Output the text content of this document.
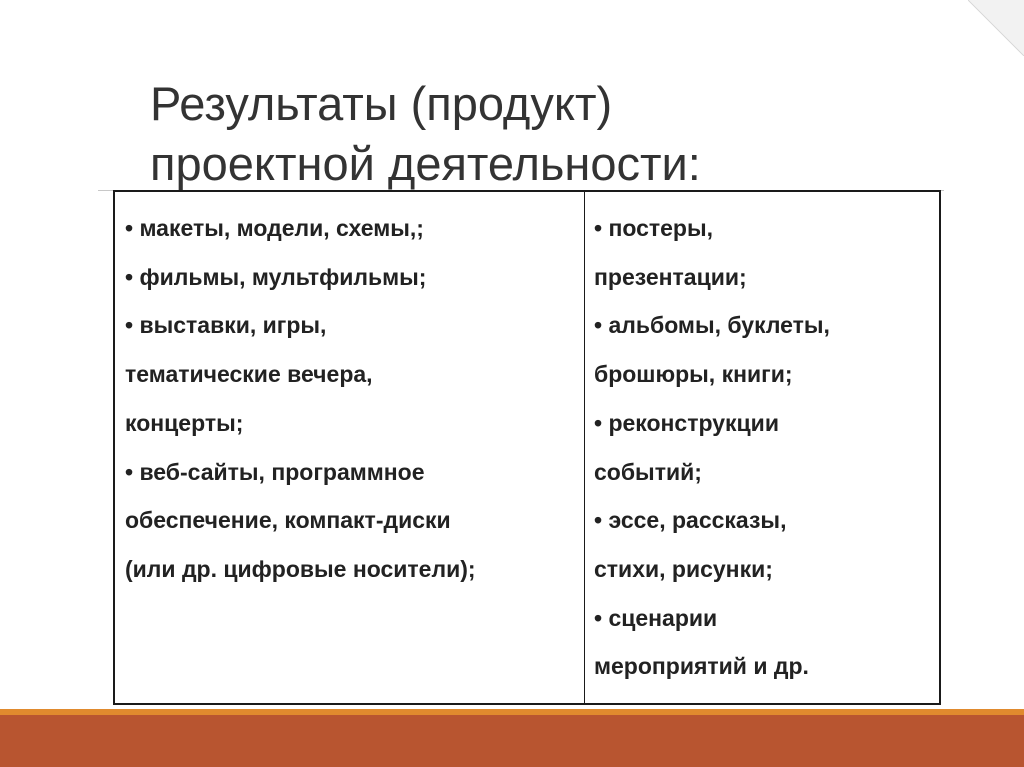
Результаты (продукт)
проектной деятельности:
• макеты, модели, схемы,;
• фильмы, мультфильмы;
• выставки, игры,
тематические вечера,
концерты;
• веб-сайты, программное
обеспечение, компакт-диски
(или др. цифровые носители);
• постеры,
презентации;
• альбомы, буклеты,
брошюры, книги;
• реконструкции
событий;
• эссе, рассказы,
стихи, рисунки;
• сценарии
мероприятий и др.
